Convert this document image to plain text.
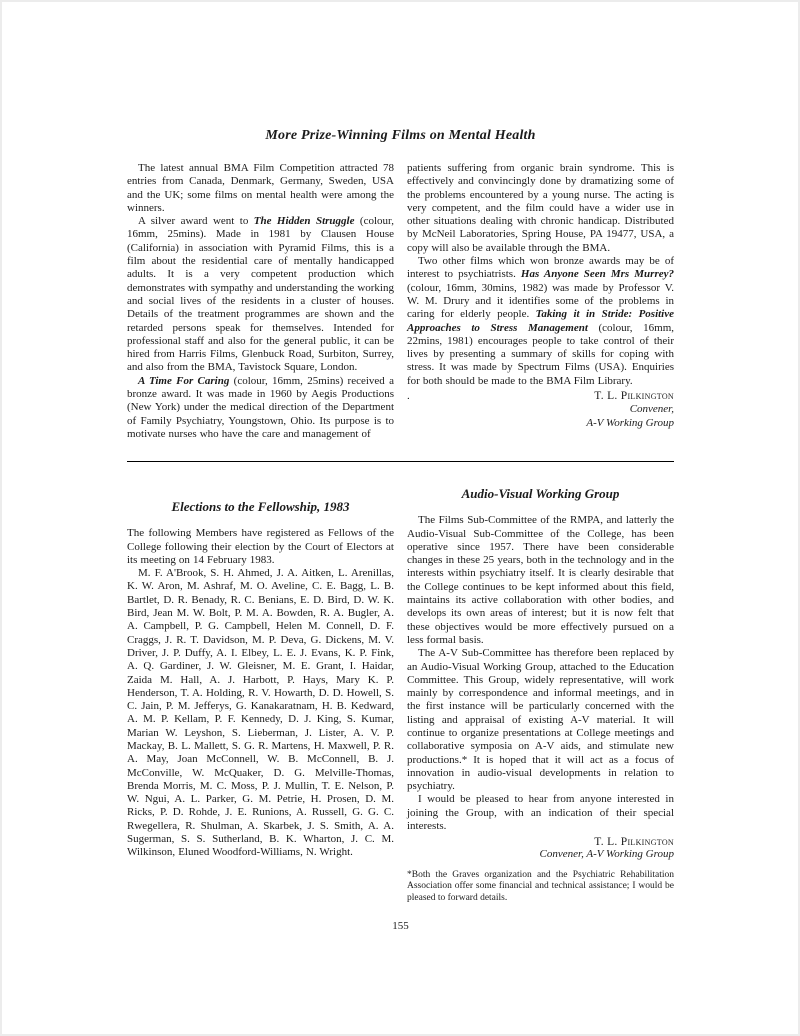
More Prize-Winning Films on Mental Health

The latest annual BMA Film Competition attracted 78 entries from Canada, Denmark, Germany, Sweden, USA and the UK; some films on mental health were among the winners.

A silver award went to The Hidden Struggle (colour, 16mm, 25mins). Made in 1981 by Clausen House (California) in association with Pyramid Films, this is a film about the residential care of mentally handicapped adults. It is a very competent production which demonstrates with sympathy and understanding the working and social lives of the residents in a cluster of houses. Details of the treatment programmes are shown and the retarded persons speak for themselves. Intended for professional staff and also for the general public, it can be hired from Harris Films, Glenbuck Road, Surbiton, Surrey, and also from the BMA, Tavistock Square, London.

A Time For Caring (colour, 16mm, 25mins) received a bronze award. It was made in 1960 by Aegis Productions (New York) under the medical direction of the Department of Family Psychiatry, Youngstown, Ohio. Its purpose is to motivate nurses who have the care and management of

patients suffering from organic brain syndrome. This is effectively and convincingly done by dramatizing some of the problems encountered by a young nurse. The acting is very competent, and the film could have a wider use in other situations dealing with chronic handicap. Distributed by McNeil Laboratories, Spring House, PA 19477, USA, a copy will also be available through the BMA.

Two other films which won bronze awards may be of interest to psychiatrists. Has Anyone Seen Mrs Murrey? (colour, 16mm, 30mins, 1982) was made by Professor V. W. M. Drury and it identifies some of the problems in caring for elderly people. Taking it in Stride: Positive Approaches to Stress Management (colour, 16mm, 22mins, 1981) encourages people to take control of their lives by presenting a summary of skills for coping with stress. It was made by Spectrum Films (USA). Enquiries for both should be made to the BMA Film Library.

.	T. L. Pilkington
Convener,
A-V Working Group
Elections to the Fellowship, 1983

The following Members have registered as Fellows of the College following their election by the Court of Electors at its meeting on 14 February 1983.

M. F. A'Brook, S. H. Ahmed, J. A. Aitken, L. Arenillas, K. W. Aron, M. Ashraf, M. O. Aveline, C. E. Bagg, L. B. Bartlet, D. R. Benady, R. C. Benians, E. D. Bird, D. W. K. Bird, Jean M. W. Bolt, P. M. A. Bowden, R. A. Bugler, A. A. Campbell, P. G. Campbell, Helen M. Connell, D. F. Craggs, J. R. T. Davidson, M. P. Deva, G. Dickens, M. V. Driver, J. P. Duffy, A. I. Elbey, L. E. J. Evans, K. P. Fink, A. Q. Gardiner, J. W. Gleisner, M. E. Grant, I. Haidar, Zaida M. Hall, A. J. Harbott, P. Hays, Mary K. P. Henderson, T. A. Holding, R. V. Howarth, D. D. Howell, S. C. Jain, P. M. Jefferys, G. Kanakaratnam, H. B. Kedward, A. M. P. Kellam, P. F. Kennedy, D. J. King, S. Kumar, Marian W. Leyshon, S. Lieberman, J. Lister, A. V. P. Mackay, B. L. Mallett, S. G. R. Martens, H. Maxwell, P. R. A. May, Joan McConnell, W. B. McConnell, B. J. McConville, W. McQuaker, D. G. Melville-Thomas, Brenda Morris, M. C. Moss, P. J. Mullin, T. E. Nelson, P. W. Ngui, A. L. Parker, G. M. Petrie, H. Prosen, D. M. Ricks, P. D. Rohde, J. E. Runions, A. Russell, G. G. C. Rwegellera, R. Shulman, A. Skarbek, J. S. Smith, A. A. Sugerman, S. S. Sutherland, B. K. Wharton, J. C. M. Wilkinson, Eluned Woodford-Williams, N. Wright.

Audio-Visual Working Group

The Films Sub-Committee of the RMPA, and latterly the Audio-Visual Sub-Committee of the College, has been operative since 1957. There have been considerable changes in these 25 years, both in the technology and in the interests within psychiatry itself. It is clearly desirable that the College continues to be kept informed about this field, maintains its active collaboration with other bodies, and develops its own areas of interest; but it is now felt that these objectives would be more effectively pursued on a less formal basis.

The A-V Sub-Committee has therefore been replaced by an Audio-Visual Working Group, attached to the Education Committee. This Group, widely representative, will work mainly by correspondence and informal meetings, and in the first instance will be particularly concerned with the listing and appraisal of existing A-V material. It will continue to organize presentations at College meetings and collaborative symposia on A-V aids, and stimulate new productions.* It is hoped that it will act as a focus of innovation in audio-visual developments in relation to psychiatry.

I would be pleased to hear from anyone interested in joining the Group, with an indication of their special interests.

T. L. Pilkington
Convener, A-V Working Group

*Both the Graves organization and the Psychiatric Rehabilitation Association offer some financial and technical assistance; I would be pleased to forward details.

155
